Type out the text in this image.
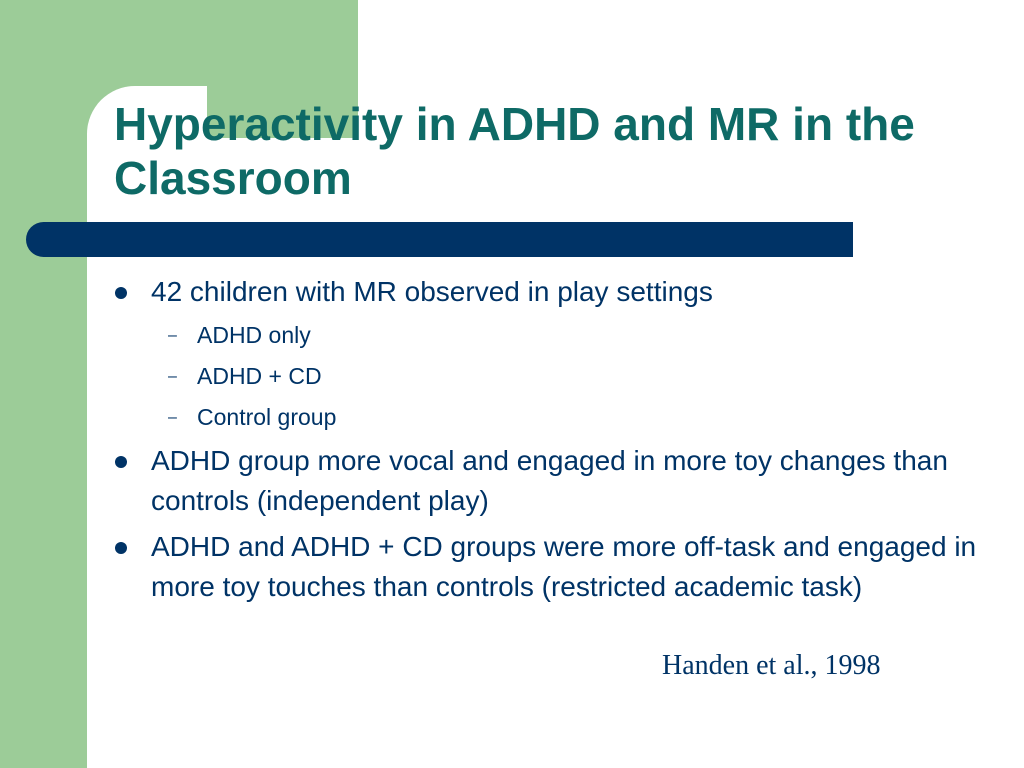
Hyperactivity in ADHD and MR in the Classroom
42 children with MR observed in play settings
– ADHD only
– ADHD + CD
– Control group
ADHD group more vocal and engaged in more toy changes than controls (independent play)
ADHD and ADHD + CD groups were more off-task and engaged in more toy touches than controls (restricted academic task)
Handen et al., 1998
